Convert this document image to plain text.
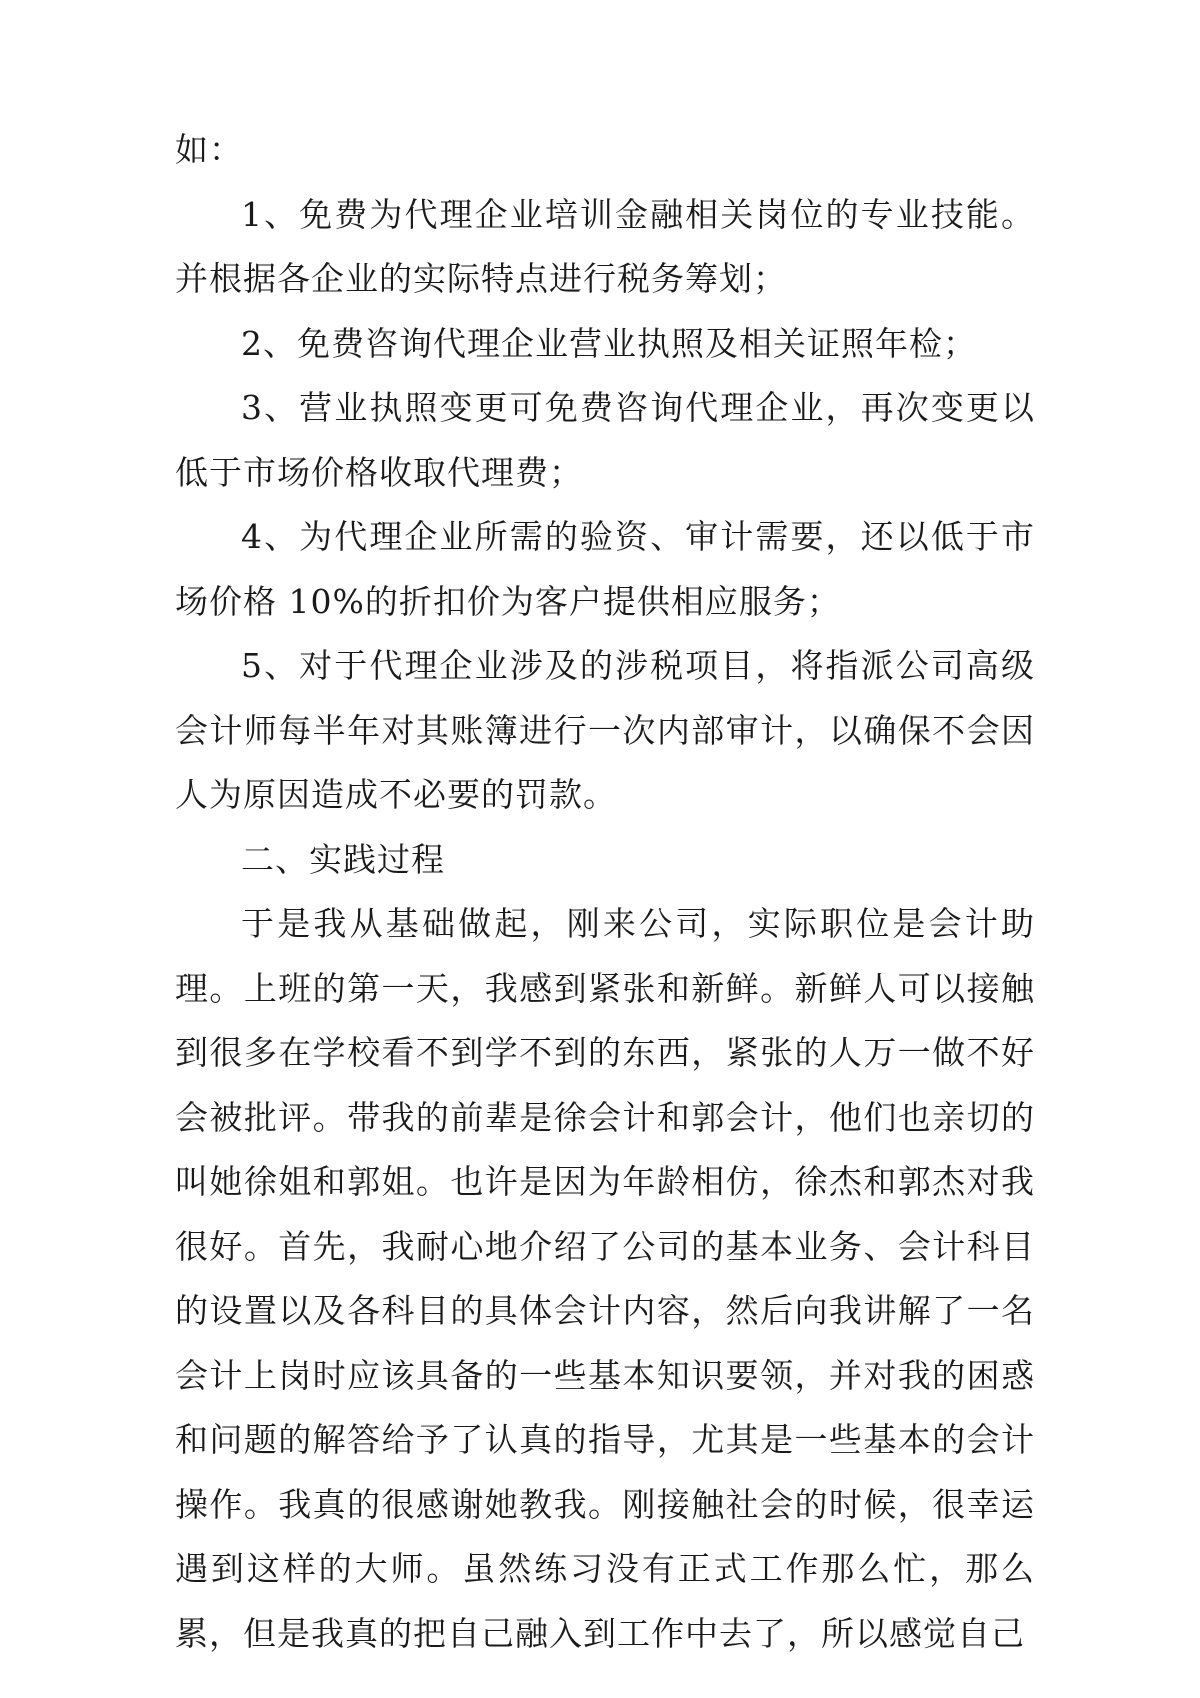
如：

1、免费为代理企业培训金融相关岗位的专业技能。并根据各企业的实际特点进行税务筹划；

2、免费咨询代理企业营业执照及相关证照年检；

3、营业执照变更可免费咨询代理企业，再次变更以低于市场价格收取代理费；

4、为代理企业所需的验资、审计需要，还以低于市场价格 10%的折扣价为客户提供相应服务；

5、对于代理企业涉及的涉税项目，将指派公司高级会计师每半年对其账簿进行一次内部审计，以确保不会因人为原因造成不必要的罚款。

二、实践过程

于是我从基础做起，刚来公司，实际职位是会计助理。上班的第一天，我感到紧张和新鲜。新鲜人可以接触到很多在学校看不到学不到的东西，紧张的人万一做不好会被批评。带我的前辈是徐会计和郭会计，他们也亲切的叫她徐姐和郭姐。也许是因为年龄相仿，徐杰和郭杰对我很好。首先，我耐心地介绍了公司的基本业务、会计科目的设置以及各科目的具体会计内容，然后向我讲解了一名会计上岗时应该具备的一些基本知识要领，并对我的困惑和问题的解答给予了认真的指导，尤其是一些基本的会计操作。我真的很感谢她教我。刚接触社会的时候，很幸运遇到这样的大师。虽然练习没有正式工作那么忙，那么累，但是我真的把自己融入到工作中去了，所以感觉自己
